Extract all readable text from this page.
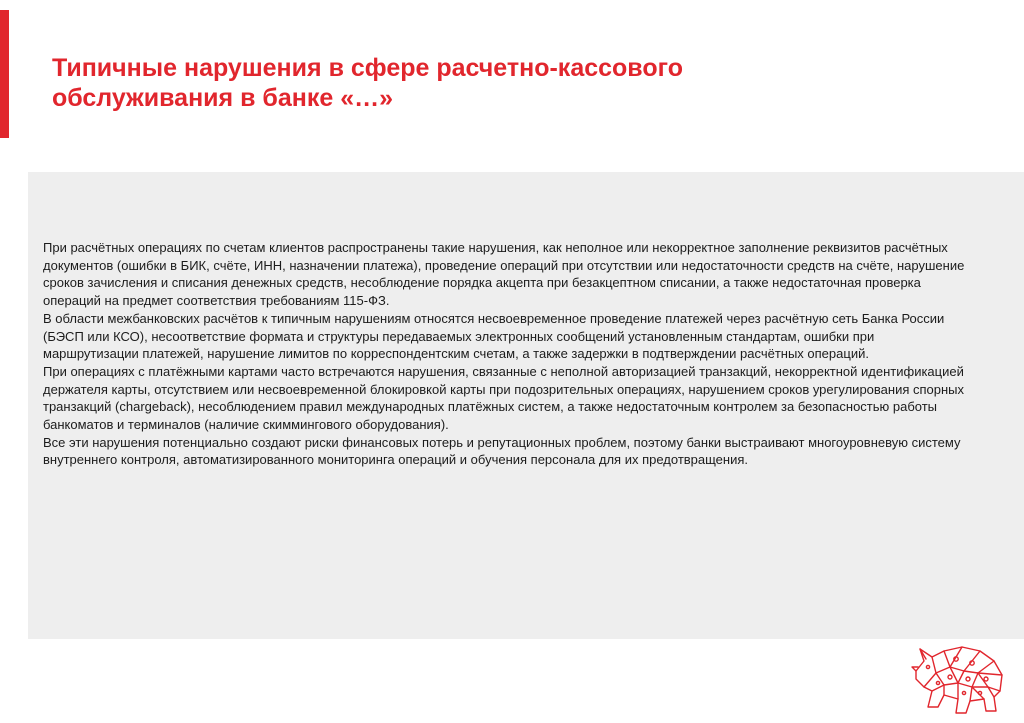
Типичные нарушения в сфере расчетно-кассового
обслуживания в банке «…»

При расчётных операциях по счетам клиентов распространены такие нарушения, как неполное или некорректное заполнение реквизитов расчётных документов (ошибки в БИК, счёте, ИНН, назначении платежа), проведение операций при отсутствии или недостаточности средств на счёте, нарушение сроков зачисления и списания денежных средств, несоблюдение порядка акцепта при безакцептном списании, а также недостаточная проверка операций на предмет соответствия требованиям 115-ФЗ.

В области межбанковских расчётов к типичным нарушениям относятся несвоевременное проведение платежей через расчётную сеть Банка России (БЭСП или КСО), несоответствие формата и структуры передаваемых электронных сообщений установленным стандартам, ошибки при маршрутизации платежей, нарушение лимитов по корреспондентским счетам, а также задержки в подтверждении расчётных операций.

При операциях с платёжными картами часто встречаются нарушения, связанные с неполной авторизацией транзакций, некорректной идентификацией держателя карты, отсутствием или несвоевременной блокировкой карты при подозрительных операциях, нарушением сроков урегулирования спорных транзакций (chargeback), несоблюдением правил международных платёжных систем, а также недостаточным контролем за безопасностью работы банкоматов и терминалов (наличие скиммингового оборудования).

Все эти нарушения потенциально создают риски финансовых потерь и репутационных проблем, поэтому банки выстраивают многоуровневую систему внутреннего контроля, автоматизированного мониторинга операций и обучения персонала для их предотвращения.
